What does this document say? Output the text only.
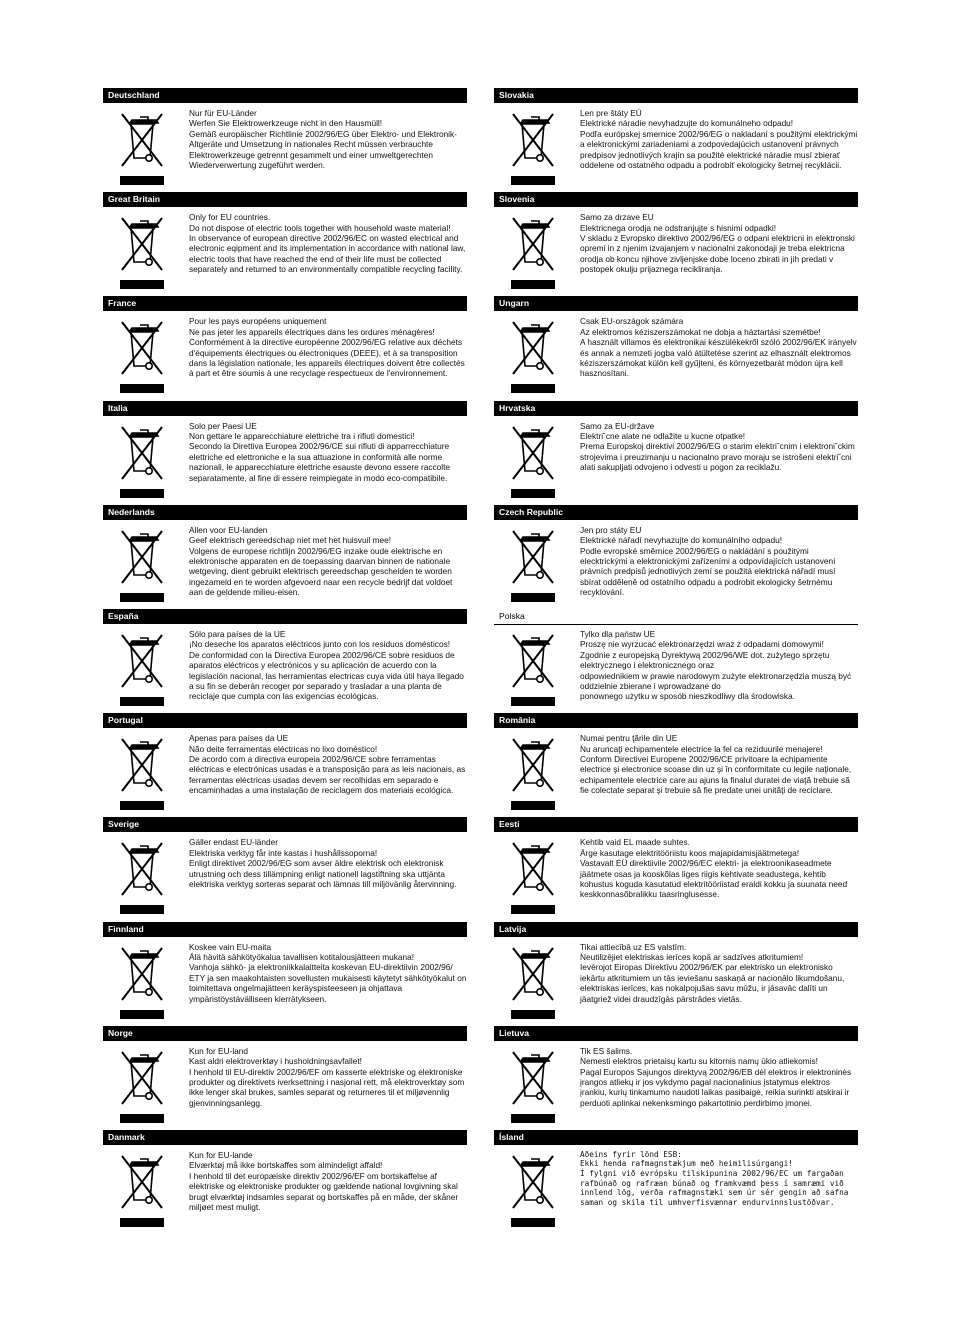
Deutschland
Nur für EU-Länder
Werfen Sie Elektrowerkzeuge nicht in den Hausmüll!
Gemäß europäischer Richtlinie 2002/96/EG über Elektro- und Elektronik-Altgeräte und Umsetzung in nationales Recht müssen verbrauchte Elektrowerkzeuge getrennt gesammelt und einer umweltgerechten Wiederverwertung zugeführt werden.
Great Britain
Only for EU countries.
Do not dispose of electric tools together with household waste material!
In observance of european directive 2002/96/EC on wasted electrical and electronic eqipment and its implementation in accordance with national law, electric tools that have reached the end of their life must be collected separately and returned to an environmentally compatible recycling facility.
France
Pour les pays européens uniquement
Ne pas jeter les appareils électriques dans les ordures ménagères!
Conformément à la directive européenne 2002/96/EG relative aux déchets d'équipements électriques ou électroniques (DEEE), et à sa transposition dans la législation nationale, les appareils électriques doivent être collectés à part et être soumis à une recyclage respectueux de l'environnement.
Italia
Solo per Paesi UE
Non gettare le apparecchiature elettriche tra i rifiuti domestici!
Secondo la Direttiva Europea 2002/96/CE sui rifiuti di apparrecchiature elettriche ed elettroniche e la sua attuazione in conformità alle norme nazionali, le apparecchiature elettriche esauste devono essere raccolte separatamente, al fine di essere reimpiegate in modo eco-compatibile.
Nederlands
Allen voor EU-landen
Geef elektrisch gereedschap niet met het huisvuil mee!
Volgens de europese richtlijn 2002/96/EG inzake oude elektrische en elektronische apparaten en de toepassing daarvan binnen de nationale wetgeving, dient gebruikt elektrisch gereedschap gescheiden te worden ingezameld en te worden afgevoerd naar een recycle bedrijf dat voldoet aan de geldende milieu-eisen.
España
Sólo para países de la UE
¡No deseche los aparatos eléctricos junto con los residuos domésticos!
De conformidad con la Directiva Europea 2002/96/CE sobre residuos de aparatos eléctricos y electrónicos y su aplicación de acuerdo con la legislación nacional, las herramientas electricas cuya vida útil haya llegado a su fin se deberán recoger por separado y trasladar a una planta de reciclaje que cumpla con las exigencias ecológicas.
Portugal
Apenas para países da UE
Não deite ferramentas eléctricas no lixo doméstico!
De acordo com a directiva europeia 2002/96/CE sobre ferramentas eléctricas e electrónicas usadas e a transposição para as leis nacionais, as ferramentas eléctricas usadas devem ser recolhidas em separado e encaminhadas a uma instalação de reciclagem dos materiais ecológica.
Sverige
Gäller endast EU-länder
Elektriska verktyg får inte kastas i hushållssoporna!
Enligt direktivet 2002/96/EG som avser äldre elektrisk och elektronisk utrustning och dess tillämpning enligt nationell lagstiftning ska uttjänta elektriska verktyg sorteras separat och lämnas till miljövänlig återvinning.
Finnland
Koskee vain EU-maita
Älä hävitä sähkötyökalua tavallisen kotitalousjätteen mukana!
Vanhoja sähkö- ja elektroniikkalaitteita koskevan EU-direktiivin 2002/96/ ETY ja sen maakohtaisten sovellusten mukaisesti käytetyt sähkötyökalut on toimitettava ongelmajätteen keräyspisteeseen ja ohjattava ympäristöystävälliseen kierrätykseen.
Norge
Kun for EU-land
Kast aldri elektroverktøy i husholdningsavfallet!
I henhold til EU-direktiv 2002/96/EF om kasserte elektriske og elektroniske produkter og direktivets iverksettning i nasjonal rett, må elektroverktøy som ikke lenger skal brukes, samles separat og returneres til et miljøvennlig gjenvinningsanlegg.
Danmark
Kun for EU-lande
Elværktøj må ikke bortskaffes som almindeligt affald!
I henhold til det europæiske direktiv 2002/96/EF om bortskaffelse af elektriske og elektroniske produkter og gældende national lovgivning skal brugt elværktøj indsamles separat og bortskaffes på en måde, der skåner miljøet mest muligt.
Slovakia
Len pre štáty EÚ
Elektrické náradie nevyhadzujte do komunálneho odpadu!
Podľa európskej smernice 2002/96/EG o nakladaní s použitými elektrickými a elektronickými zariadeniami a zodpovedajúcich ustanovení právnych predpisov jednotlivých krajín sa použité elektrické náradie musí zbierať oddelene od ostatného odpadu a podrobiť ekologicky šetrnej recyklácii.
Slovenia
Samo za drzave EU
Elektricnega orodja ne odstranjujte s hisnimi odpadki!
V skladu z Evropsko direktivo 2002/96/EG o odpani elektricni in elektronski opremi in z njenim izvajanjem v nacionalni zakonodaji je treba elektricna orodja ob koncu njihove zivljenjske dobe loceno zbirati in jih predati v postopek okulju prijaznega recikliranja.
Ungarn
Csak EU-országok számára
Az elektromos kéziszerszámokat ne dobja a háztartási szemétbe!
A használt villamos és elektronikai készülékekről szóló 2002/96/EK irányelv és annak a nemzeti jogba való átültetése szerint az elhasznált elektromos kéziszerszámokat külön kell gyűjteni, és környezetbarát módon újra kell hasznosítani.
Hrvatska
Samo za EU-države
Elektri˘cne alate ne odlažite u kucne otpatke!
Prema Europskoj direktivi 2002/96/EG o starim elektri˘cnim i elektroni˘ckim strojevima i preuzimanju u nacionalno pravo moraju se istrošeni elektri˘cni alati sakupljati odvojeno i odvesti u pogon za reciklažu.
Czech Republic
Jen pro státy EU
Elektrické nářadí nevyhazujte do komunálního odpadu!
Podle evropské směrnice 2002/96/EG o nakládání s použitými elecktrickými a elektronickými zařízeními a odpovídajících ustanovení právních predpisů jednotlivých zemí se použitá elektrická nářadí musí sbírat odděleně od ostatního odpadu a podrobit ekologicky šetrnému recyklování.
Polska
Tylko dla państw UE
Proszę nie wyrzucać elektronarzędzi wraz z odpadami domowymi!
Zgodnie z europejską Dyrektywą 2002/96/WE dot. zużytego sprzętu elektrycznego i elektronicznego oraz
odpowiednikiem w prawie narodowym zużyte elektronarzędzia muszą być oddzielnie zbierane i wprowadzane do
ponownego użytku w sposób nieszkodliwy dla środowiska.
România
Numai pentru ţările din UE
Nu aruncaţi echipamentele electrice la fel ca reziduurile menajere!
Conform Directivei Europene 2002/96/CE privitoare la echipamente electrice şi electronice scoase din uz şi în conformitate cu legile naţionale, echipamentele electrice care au ajuns la finalul duratei de viaţă trebuie să fie colectate separat şi trebuie să fie predate unei unităţi de reciclare.
Eesti
Kehtib vaid EL maade suhtes.
Ärge kasutage elektritööriistu koos majapidamisjäätmetega!
Vastavalt EÜ direktiivile 2002/96/EC elektri- ja elektroonikaseadmete jäätmete osas ja kooskõlas liges riigis kehtivate seadustega, kehtib kohustus koguda kasutatud elektritööriistad eraldi kokku ja suunata need keskkonnasõbralikku taasringlusesse.
Latvija
Tikai attiecībā uz ES valstīm.
Neutilizējiet elektriskas ierīces kopā ar sadzīves atkritumiem!
Ievērojot Eiropas Direktīvu 2002/96/EK par elektrisko un elektronisko iekārtu atkritumiem un tās ieviešanu saskaņā ar nacionālo likumdošanu, elektriskas ierīces, kas nokalpojušas savu mūžu, ir jāsavāc dalīti un jāatgriež videi draudzīgās pārstrādes vietās.
Lietuva
Tik ES šalims.
Nemesti elektros prietaisų kartu su kitornis namų ūkio atliekomis!
Pagal Europos Sajungos direktyvą 2002/96/EB dėl elektros ir elektroninės įrangos atliekų ir jos vykdymo pagal nacionalinius įstatymus elektros įrankiu, kurių tinkamumo naudoti laikas pasibaigė, reikia surinkti atskirai ir perduoti aplinkai nekenksmingo pakartotinio perdirbimo įmonei.
Ísland
Aðeins fyrir lönd ESB:
Ekki henda rafmagnstækjum með heimilisúrgangi!
Í fylgni við evrópsku tilskipunina 2002/96/EC um fargaðan rafbúnað og rafræan búnað og framkvæmd þess í samræmi við innlend lög, verða rafmagnstæki sem úr sér gengin að safna saman og skila til umhverfisvænnar endurvinnslustöðvar.
